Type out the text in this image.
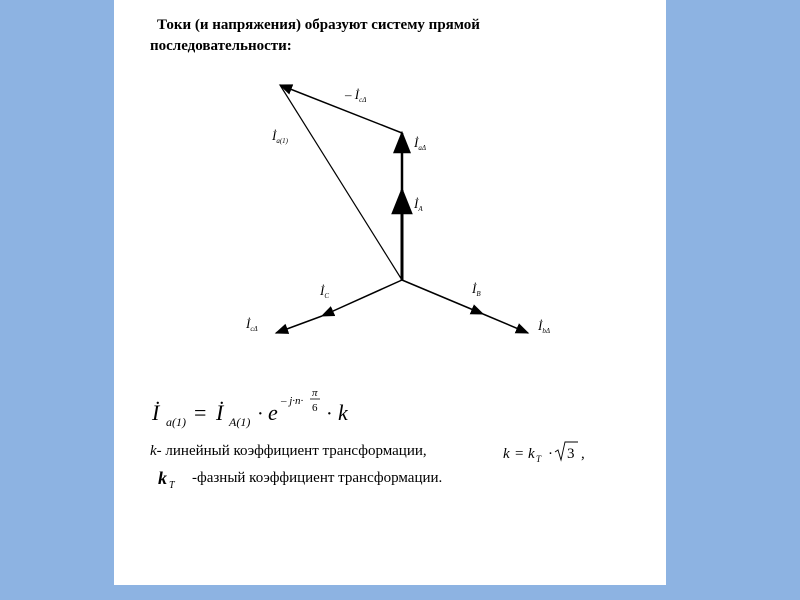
Токи (и напряжения) образуют систему прямой
последовательности:
– $İ_{c\Delta}$
$İ_{a(1)}$	$İ_{a\Delta}$
$İ_A$
$İ_C$	$İ_B$
$İ_{c\Delta}$	$İ_{b\Delta}$
İ a(1) = İ A(1) · e – j·n·
π
6 · k
k = k T · 3 ,
k T
k- линейный коэффициент трансформации,
-фазный коэффициент трансформации.
